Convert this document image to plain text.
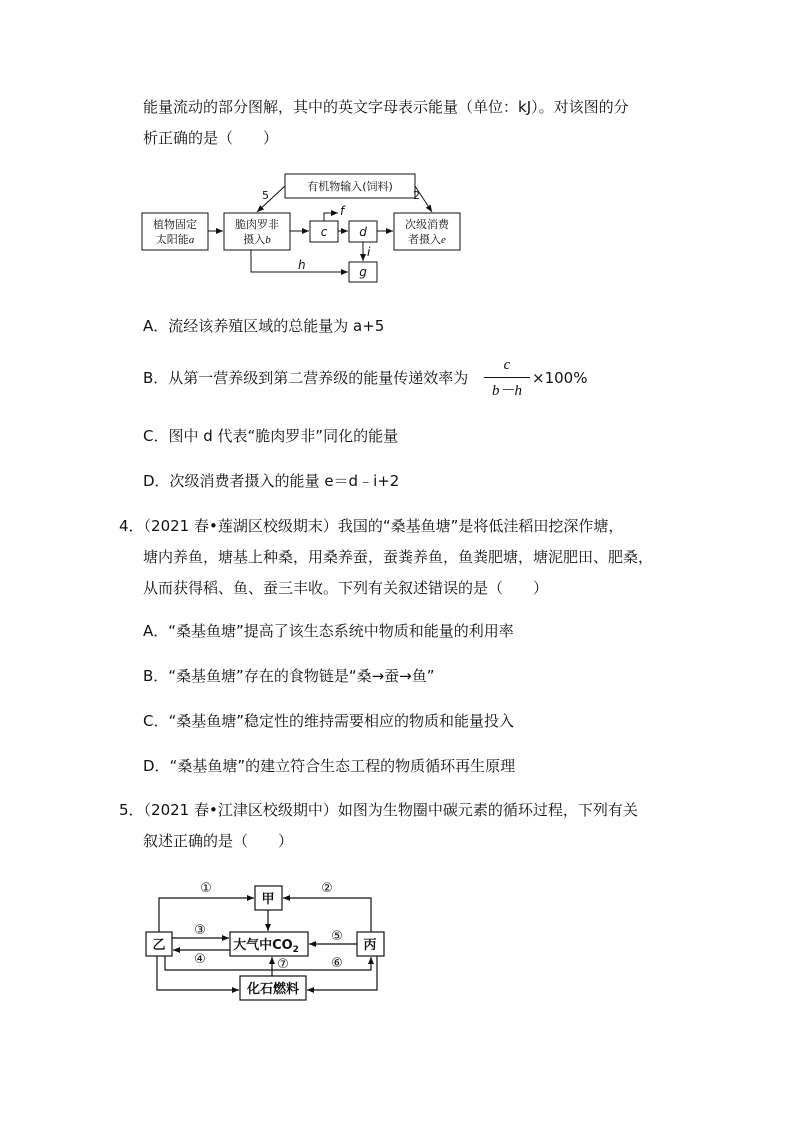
能量流动的部分图解，其中的英文字母表示能量（单位：kJ）。对该图的分
析正确的是（　　）
有机物输入(饲料)
植物固定
太阳能a
脆肉罗非
摄入b
次级消费
者摄入e
c	d
g
f
i
h
5	2
A．流经该养殖区域的总能量为 a+5
B．从第一营养级到第二营养级的能量传递效率为
c
b－h
×100%
C．图中 d 代表“脆肉罗非”同化的能量
D．次级消费者摄入的能量 e＝d﹣i+2
4．（2021 春•莲湖区校级期末）我国的“桑基鱼塘”是将低洼稻田挖深作塘，
塘内养鱼，塘基上种桑，用桑养蚕，蚕粪养鱼，鱼粪肥塘，塘泥肥田、肥桑，
从而获得稻、鱼、蚕三丰收。下列有关叙述错误的是（　　）
A．“桑基鱼塘”提高了该生态系统中物质和能量的利用率
B．“桑基鱼塘”存在的食物链是“桑→蚕→鱼”
C．“桑基鱼塘”稳定性的维持需要相应的物质和能量投入
D．“桑基鱼塘”的建立符合生态工程的物质循环再生原理
5．（2021 春•江津区校级期中）如图为生物圈中碳元素的循环过程，下列有关
叙述正确的是（　　）
甲
乙	丙
大气中$CO_2$
化石燃料
①	②
③
④
⑤
⑥
⑦
